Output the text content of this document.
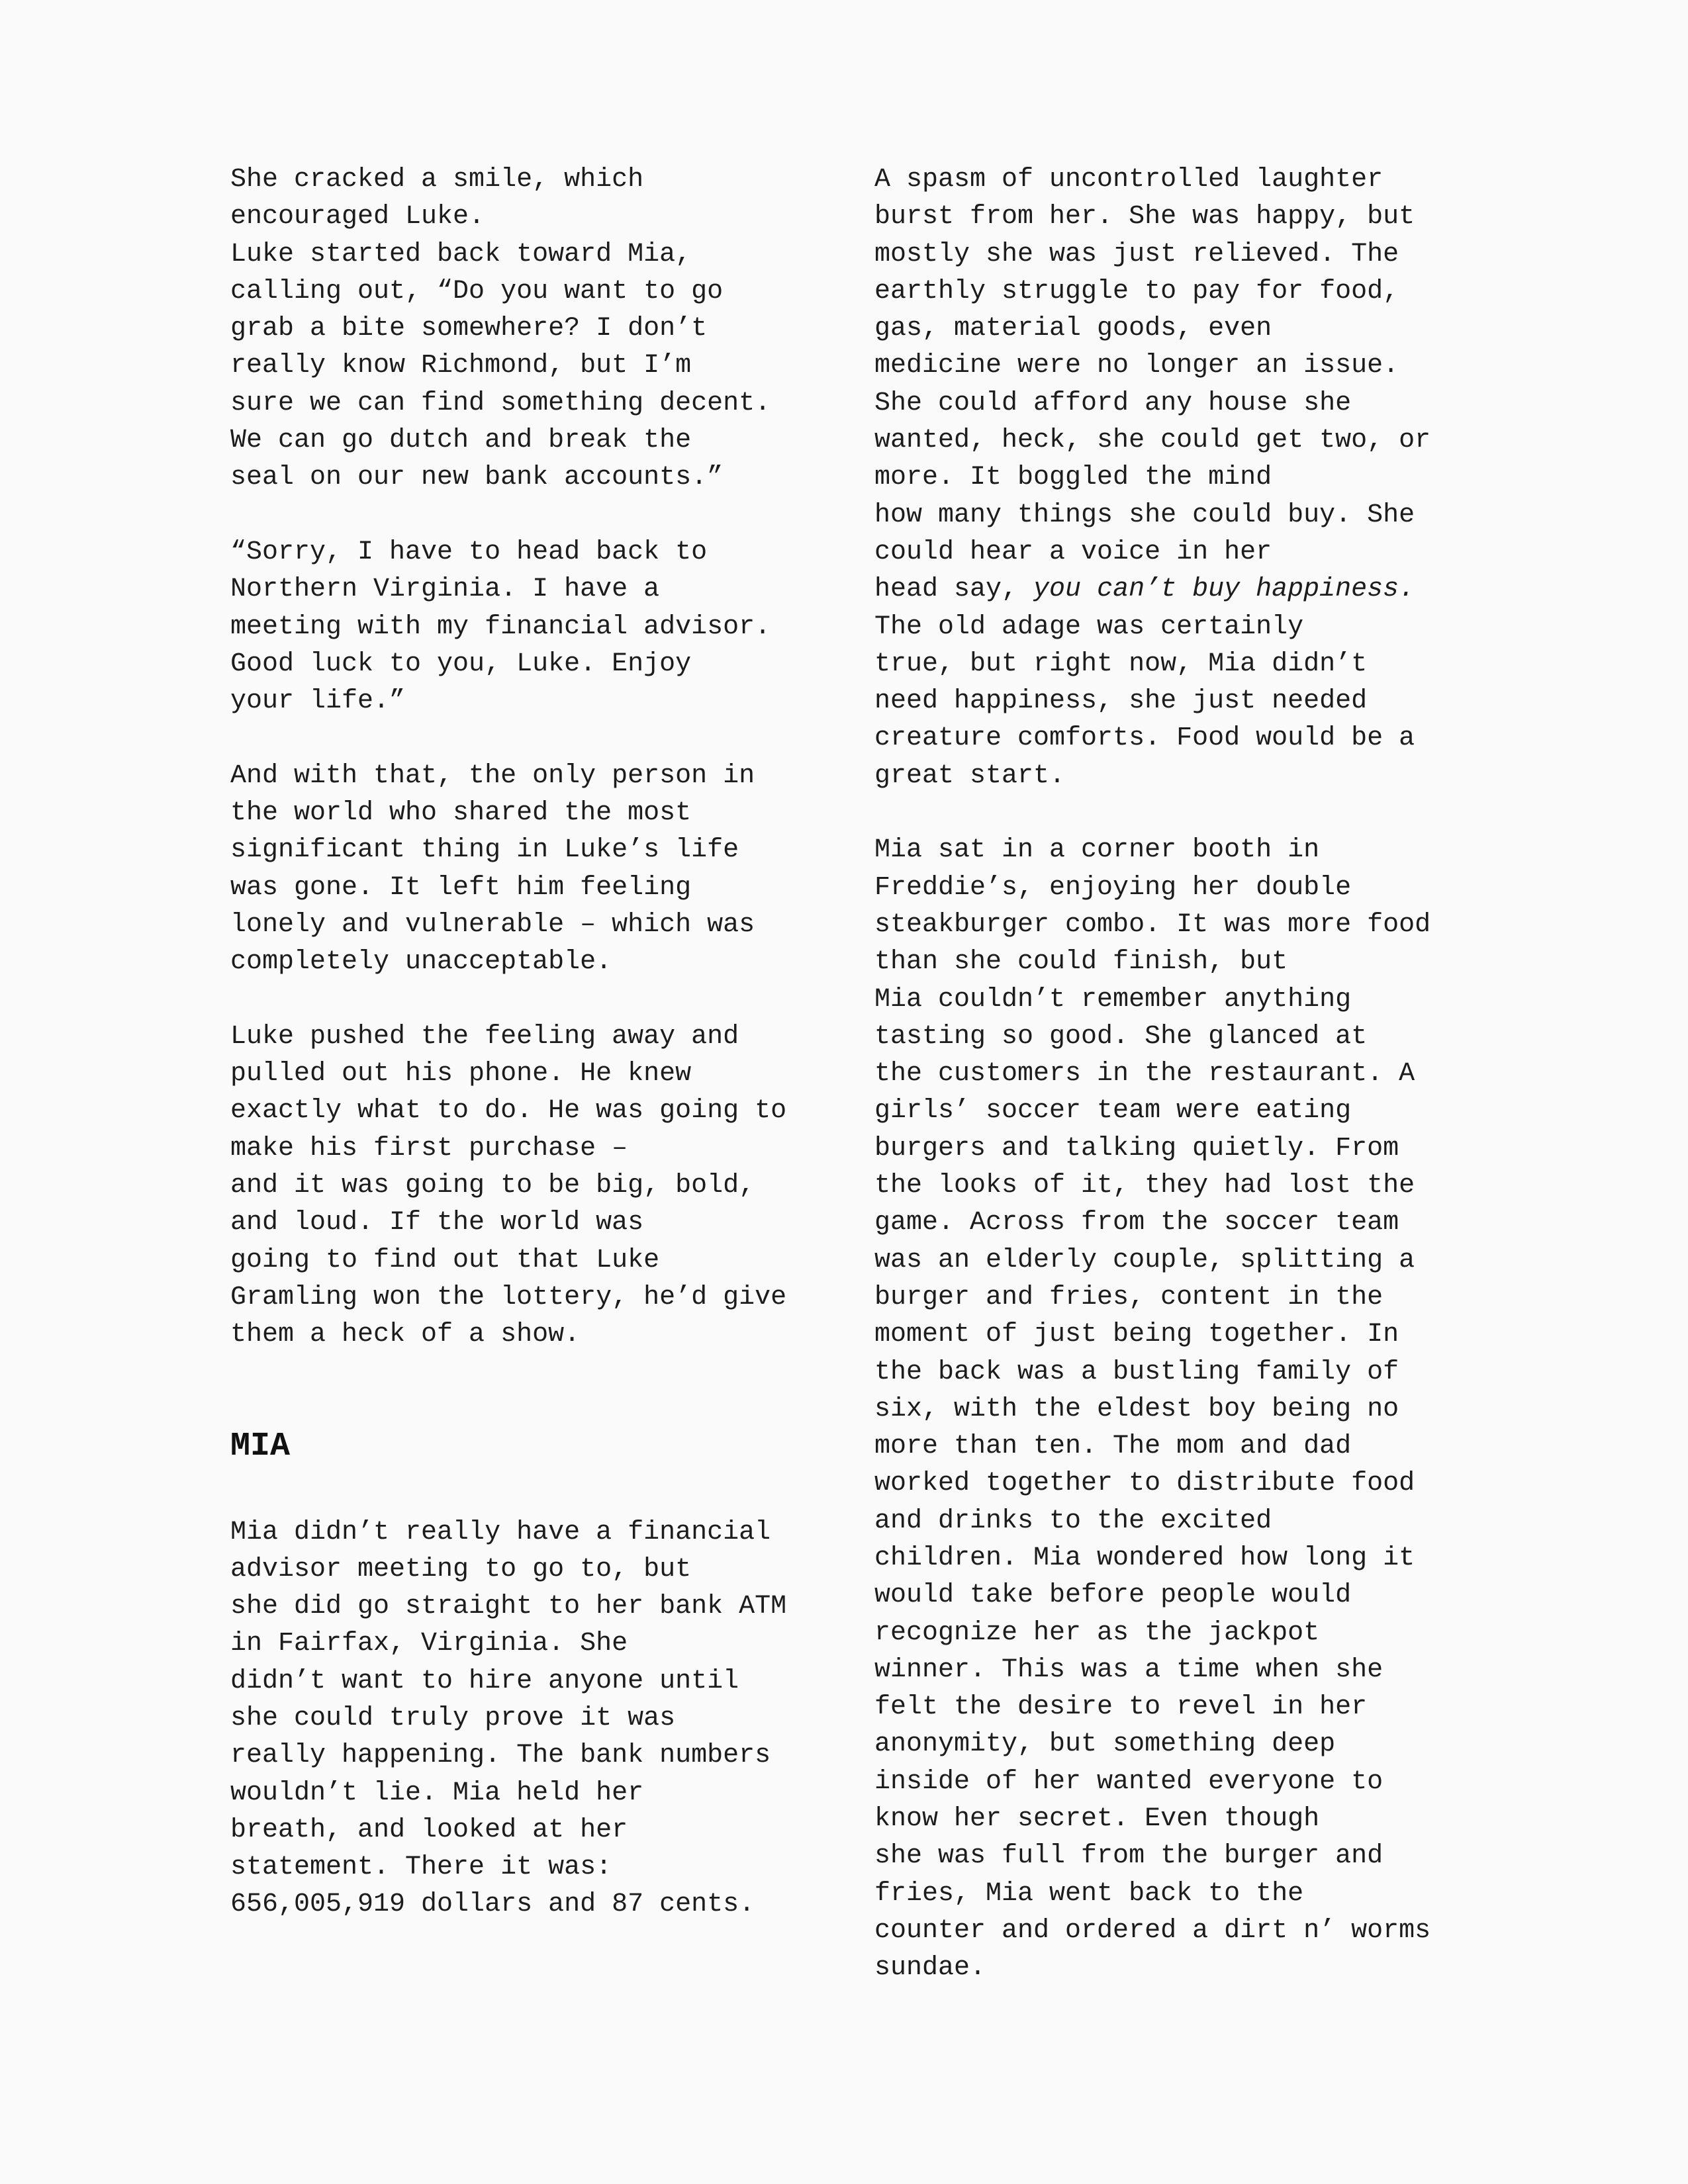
She cracked a smile, which
encouraged Luke.
Luke started back toward Mia,
calling out, “Do you want to go
grab a bite somewhere? I don’t
really know Richmond, but I’m
sure we can find something decent.
We can go dutch and break the
seal on our new bank accounts.”
“Sorry, I have to head back to
Northern Virginia. I have a
meeting with my financial advisor.
Good luck to you, Luke. Enjoy
your life.”
And with that, the only person in
the world who shared the most
significant thing in Luke’s life
was gone. It left him feeling
lonely and vulnerable – which was
completely unacceptable.
Luke pushed the feeling away and
pulled out his phone. He knew
exactly what to do. He was going to
make his first purchase –
and it was going to be big, bold,
and loud. If the world was
going to find out that Luke
Gramling won the lottery, he’d give
them a heck of a show.
MIA
Mia didn’t really have a financial
advisor meeting to go to, but
she did go straight to her bank ATM
in Fairfax, Virginia. She
didn’t want to hire anyone until
she could truly prove it was
really happening. The bank numbers
wouldn’t lie. Mia held her
breath, and looked at her
statement. There it was:
656,005,919 dollars and 87 cents.
A spasm of uncontrolled laughter
burst from her. She was happy, but
mostly she was just relieved. The
earthly struggle to pay for food,
gas, material goods, even
medicine were no longer an issue.
She could afford any house she
wanted, heck, she could get two, or
more. It boggled the mind
how many things she could buy. She
could hear a voice in her
head say, you can’t buy happiness.
The old adage was certainly
true, but right now, Mia didn’t
need happiness, she just needed
creature comforts. Food would be a
great start.
Mia sat in a corner booth in
Freddie’s, enjoying her double
steakburger combo. It was more food
than she could finish, but
Mia couldn’t remember anything
tasting so good. She glanced at
the customers in the restaurant. A
girls’ soccer team were eating
burgers and talking quietly. From
the looks of it, they had lost the
game. Across from the soccer team
was an elderly couple, splitting a
burger and fries, content in the
moment of just being together. In
the back was a bustling family of
six, with the eldest boy being no
more than ten. The mom and dad
worked together to distribute food
and drinks to the excited
children. Mia wondered how long it
would take before people would
recognize her as the jackpot
winner. This was a time when she
felt the desire to revel in her
anonymity, but something deep
inside of her wanted everyone to
know her secret. Even though
she was full from the burger and
fries, Mia went back to the
counter and ordered a dirt n’ worms
sundae.
